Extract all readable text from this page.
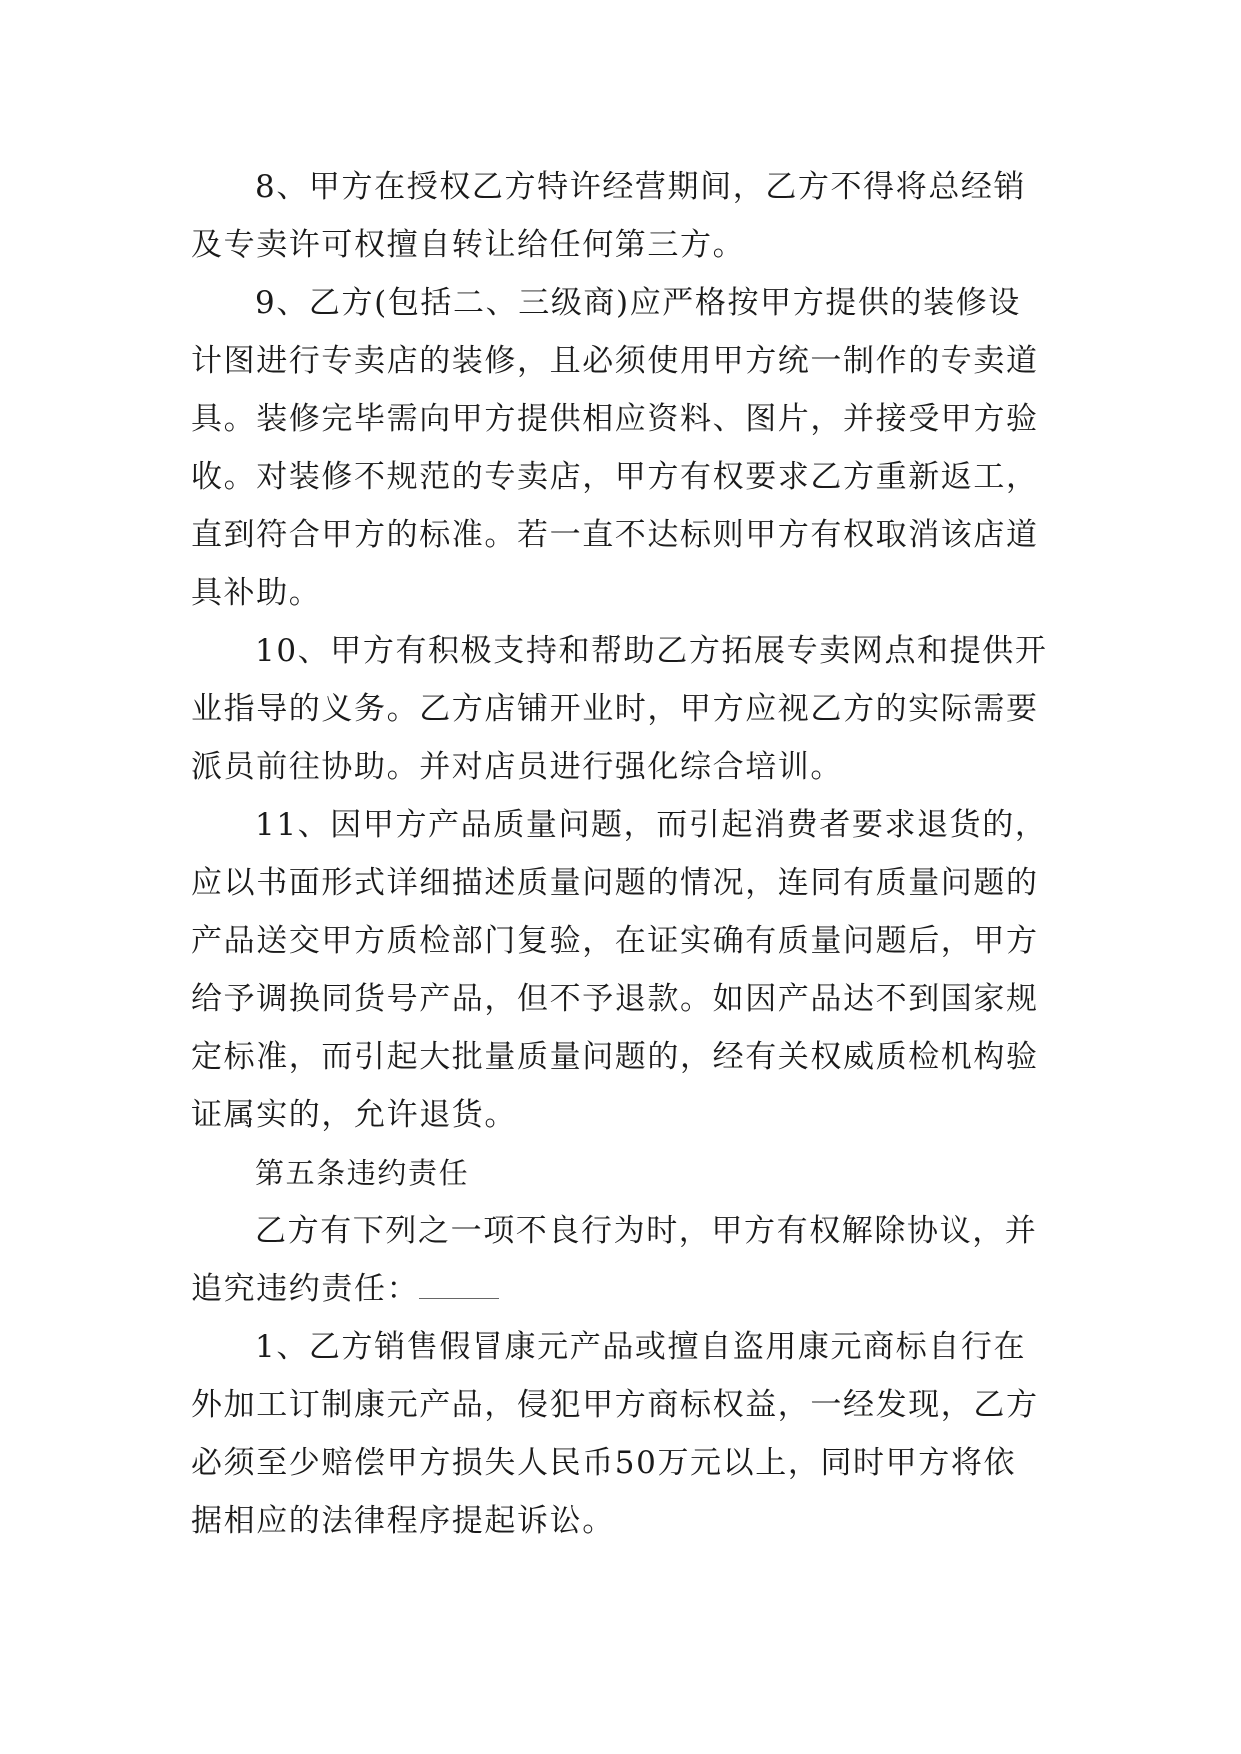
8、甲方在授权乙方特许经营期间，乙方不得将总经销
及专卖许可权擅自转让给任何第三方。

9、乙方(包括二、三级商)应严格按甲方提供的装修设
计图进行专卖店的装修，且必须使用甲方统一制作的专卖道
具。装修完毕需向甲方提供相应资料、图片，并接受甲方验
收。对装修不规范的专卖店，甲方有权要求乙方重新返工，
直到符合甲方的标准。若一直不达标则甲方有权取消该店道
具补助。

10、甲方有积极支持和帮助乙方拓展专卖网点和提供开
业指导的义务。乙方店铺开业时，甲方应视乙方的实际需要
派员前往协助。并对店员进行强化综合培训。

11、因甲方产品质量问题，而引起消费者要求退货的，
应以书面形式详细描述质量问题的情况，连同有质量问题的
产品送交甲方质检部门复验，在证实确有质量问题后，甲方
给予调换同货号产品，但不予退款。如因产品达不到国家规
定标准，而引起大批量质量问题的，经有关权威质检机构验
证属实的，允许退货。

第五条违约责任

乙方有下列之一项不良行为时，甲方有权解除协议，并
追究违约责任：

1、乙方销售假冒康元产品或擅自盗用康元商标自行在
外加工订制康元产品，侵犯甲方商标权益，一经发现，乙方
必须至少赔偿甲方损失人民币50万元以上，同时甲方将依
据相应的法律程序提起诉讼。
